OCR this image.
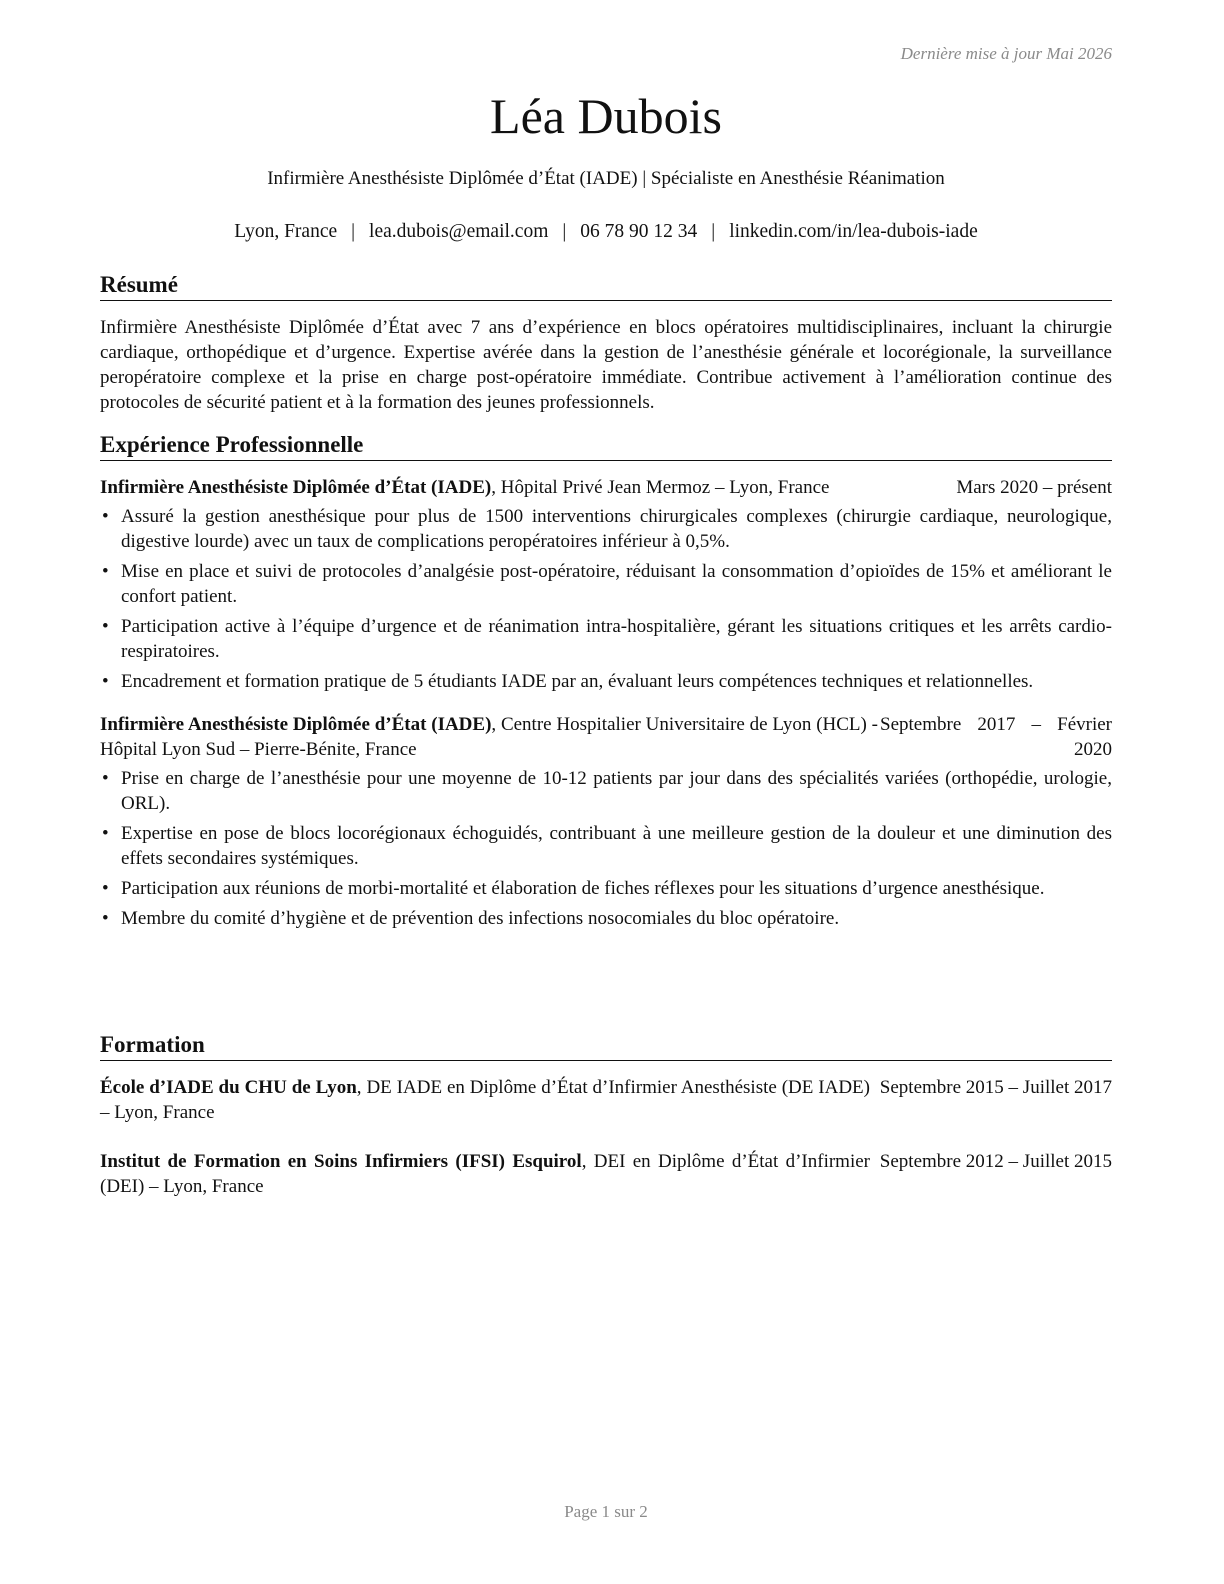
Dernière mise à jour Mai 2026
Léa Dubois
Infirmière Anesthésiste Diplômée d’État (IADE) | Spécialiste en Anesthésie Réanimation
Lyon, France | lea.dubois@email.com | 06 78 90 12 34 | linkedin.com/in/lea-dubois-iade
Résumé
Infirmière Anesthésiste Diplômée d’État avec 7 ans d’expérience en blocs opératoires multidisciplinaires, incluant la chirurgie cardiaque, orthopédique et d’urgence. Expertise avérée dans la gestion de l’anesthésie générale et locorégionale, la surveillance peropératoire complexe et la prise en charge post-opératoire immédiate. Contribue activement à l’amélioration continue des protocoles de sécurité patient et à la formation des jeunes professionnels.
Expérience Professionnelle
Infirmière Anesthésiste Diplômée d’État (IADE), Hôpital Privé Jean Mermoz – Lyon, France	Mars 2020 – présent
• Assuré la gestion anesthésique pour plus de 1500 interventions chirurgicales complexes (chirurgie cardiaque, neurologique, digestive lourde) avec un taux de complications peropératoires inférieur à 0,5%.
• Mise en place et suivi de protocoles d’analgésie post-opératoire, réduisant la consommation d’opioïdes de 15% et améliorant le confort patient.
• Participation active à l’équipe d’urgence et de réanimation intra-hospitalière, gérant les situations critiques et les arrêts cardio-respiratoires.
• Encadrement et formation pratique de 5 étudiants IADE par an, évaluant leurs compétences techniques et relationnelles.
Infirmière Anesthésiste Diplômée d’État (IADE), Centre Hospitalier Universitaire de Lyon (HCL) - Hôpital Lyon Sud – Pierre-Bénite, France
Septembre 2017 – Février 2020
• Prise en charge de l’anesthésie pour une moyenne de 10-12 patients par jour dans des spécialités variées (orthopédie, urologie, ORL).
• Expertise en pose de blocs locorégionaux échoguidés, contribuant à une meilleure gestion de la douleur et une diminution des effets secondaires systémiques.
• Participation aux réunions de morbi-mortalité et élaboration de fiches réflexes pour les situations d’urgence anesthésique.
• Membre du comité d’hygiène et de prévention des infections nosocomiales du bloc opératoire.
Formation
École d’IADE du CHU de Lyon, DE IADE en Diplôme d’État d’Infirmier Anesthésiste (DE IADE) – Lyon, France
Septembre 2015 – Juillet 2017
Institut de Formation en Soins Infirmiers (IFSI) Esquirol, DEI en Diplôme d’État d’Infirmier (DEI) – Lyon, France
Septembre 2012 – Juillet 2015
Page 1 sur 2
